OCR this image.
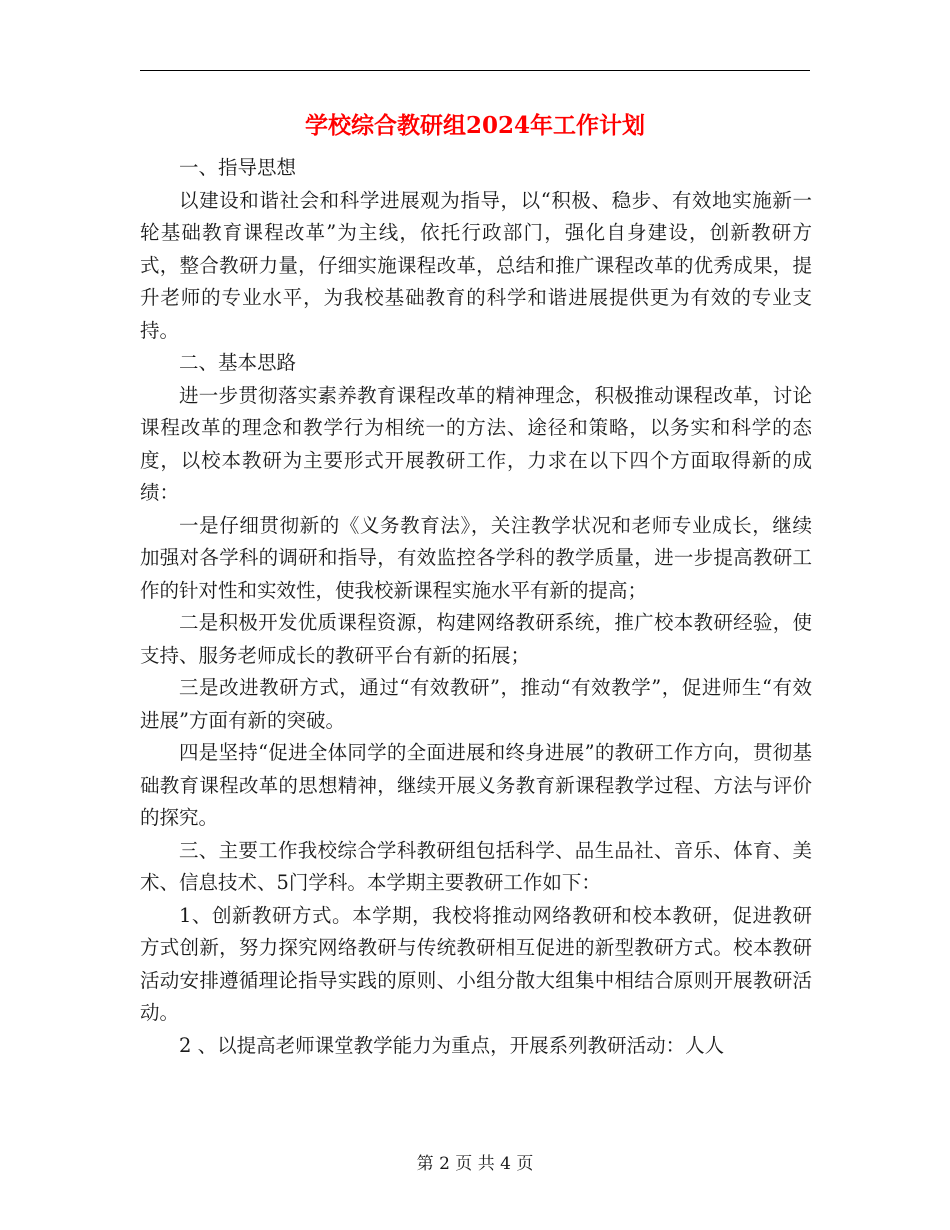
学校综合教研组2024年工作计划

一、指导思想

以建设和谐社会和科学进展观为指导，以“积极、稳步、有效地实施新一轮基础教育课程改革”为主线，依托行政部门，强化自身建设，创新教研方式，整合教研力量，仔细实施课程改革，总结和推广课程改革的优秀成果，提升老师的专业水平，为我校基础教育的科学和谐进展提供更为有效的专业支持。

二、基本思路

进一步贯彻落实素养教育课程改革的精神理念，积极推动课程改革，讨论课程改革的理念和教学行为相统一的方法、途径和策略，以务实和科学的态度，以校本教研为主要形式开展教研工作，力求在以下四个方面取得新的成绩：

一是仔细贯彻新的《义务教育法》，关注教学状况和老师专业成长，继续加强对各学科的调研和指导，有效监控各学科的教学质量，进一步提高教研工作的针对性和实效性，使我校新课程实施水平有新的提高；

二是积极开发优质课程资源，构建网络教研系统，推广校本教研经验，使支持、服务老师成长的教研平台有新的拓展；

三是改进教研方式，通过“有效教研”，推动“有效教学”，促进师生“有效进展”方面有新的突破。

四是坚持“促进全体同学的全面进展和终身进展”的教研工作方向，贯彻基础教育课程改革的思想精神，继续开展义务教育新课程教学过程、方法与评价的探究。

三、主要工作我校综合学科教研组包括科学、品生品社、音乐、体育、美术、信息技术、5门学科。本学期主要教研工作如下：

1、创新教研方式。本学期，我校将推动网络教研和校本教研，促进教研方式创新，努力探究网络教研与传统教研相互促进的新型教研方式。校本教研活动安排遵循理论指导实践的原则、小组分散大组集中相结合原则开展教研活动。

2 、以提高老师课堂教学能力为重点，开展系列教研活动：人人

第 2 页 共 4 页
